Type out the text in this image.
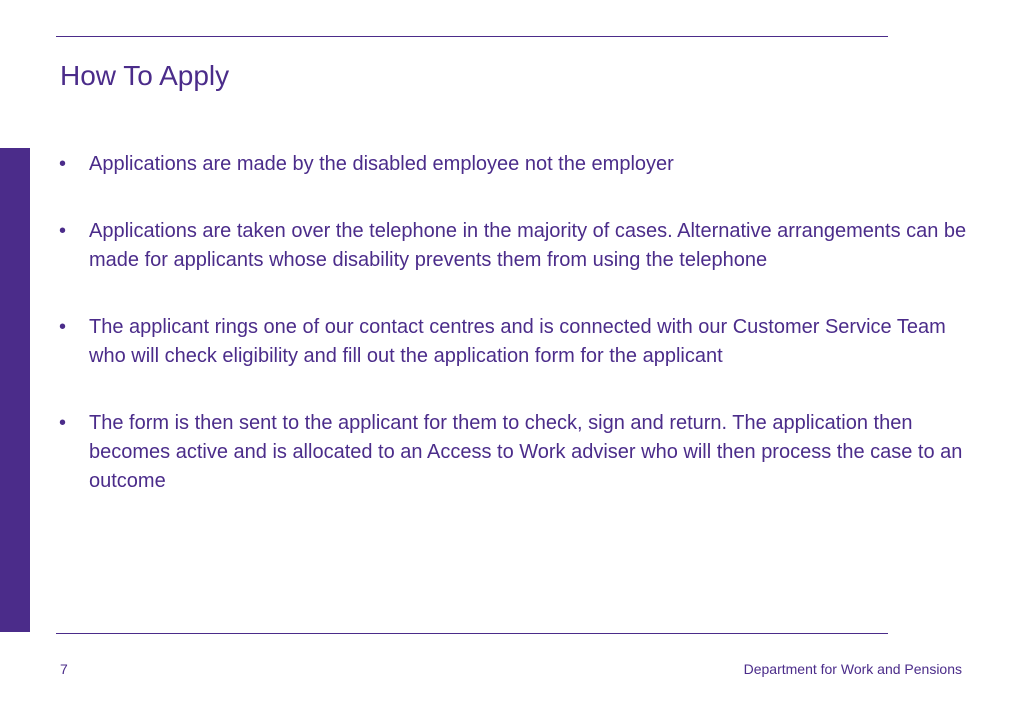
How To Apply
• Applications are made by the disabled employee not the employer
• Applications are taken over the telephone in the majority of cases. Alternative arrangements can be made for applicants whose disability prevents them from using the telephone
• The applicant rings one of our contact centres and is connected with our Customer Service Team who will check eligibility and fill out the application form for the applicant
• The form is then sent to the applicant for them to check, sign and return. The application then becomes active and is allocated to an Access to Work adviser who will then process the case to an outcome
7	Department for Work and Pensions
